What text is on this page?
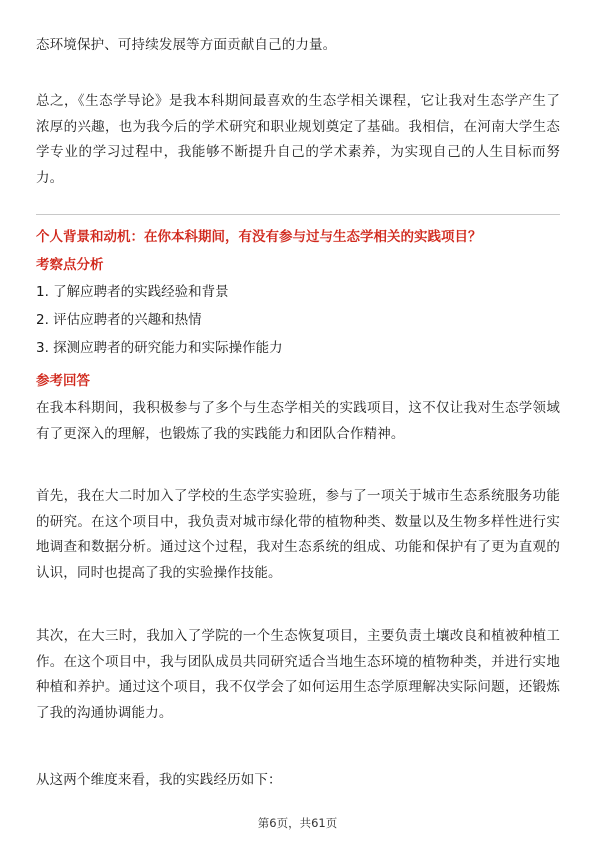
态环境保护、可持续发展等方面贡献自己的力量。

总之，《生态学导论》是我本科期间最喜欢的生态学相关课程，它让我对生态学产生了浓厚的兴趣，也为我今后的学术研究和职业规划奠定了基础。我相信，在河南大学生态学专业的学习过程中，我能够不断提升自己的学术素养，为实现自己的人生目标而努力。

个人背景和动机：在你本科期间，有没有参与过与生态学相关的实践项目？

考察点分析

1. 了解应聘者的实践经验和背景

2. 评估应聘者的兴趣和热情

3. 探测应聘者的研究能力和实际操作能力

参考回答

在我本科期间，我积极参与了多个与生态学相关的实践项目，这不仅让我对生态学领域有了更深入的理解，也锻炼了我的实践能力和团队合作精神。

首先，我在大二时加入了学校的生态学实验班，参与了一项关于城市生态系统服务功能的研究。在这个项目中，我负责对城市绿化带的植物种类、数量以及生物多样性进行实地调查和数据分析。通过这个过程，我对生态系统的组成、功能和保护有了更为直观的认识，同时也提高了我的实验操作技能。

其次，在大三时，我加入了学院的一个生态恢复项目，主要负责土壤改良和植被种植工作。在这个项目中，我与团队成员共同研究适合当地生态环境的植物种类，并进行实地种植和养护。通过这个项目，我不仅学会了如何运用生态学原理解决实际问题，还锻炼了我的沟通协调能力。

从这两个维度来看，我的实践经历如下：

第6页，共61页
